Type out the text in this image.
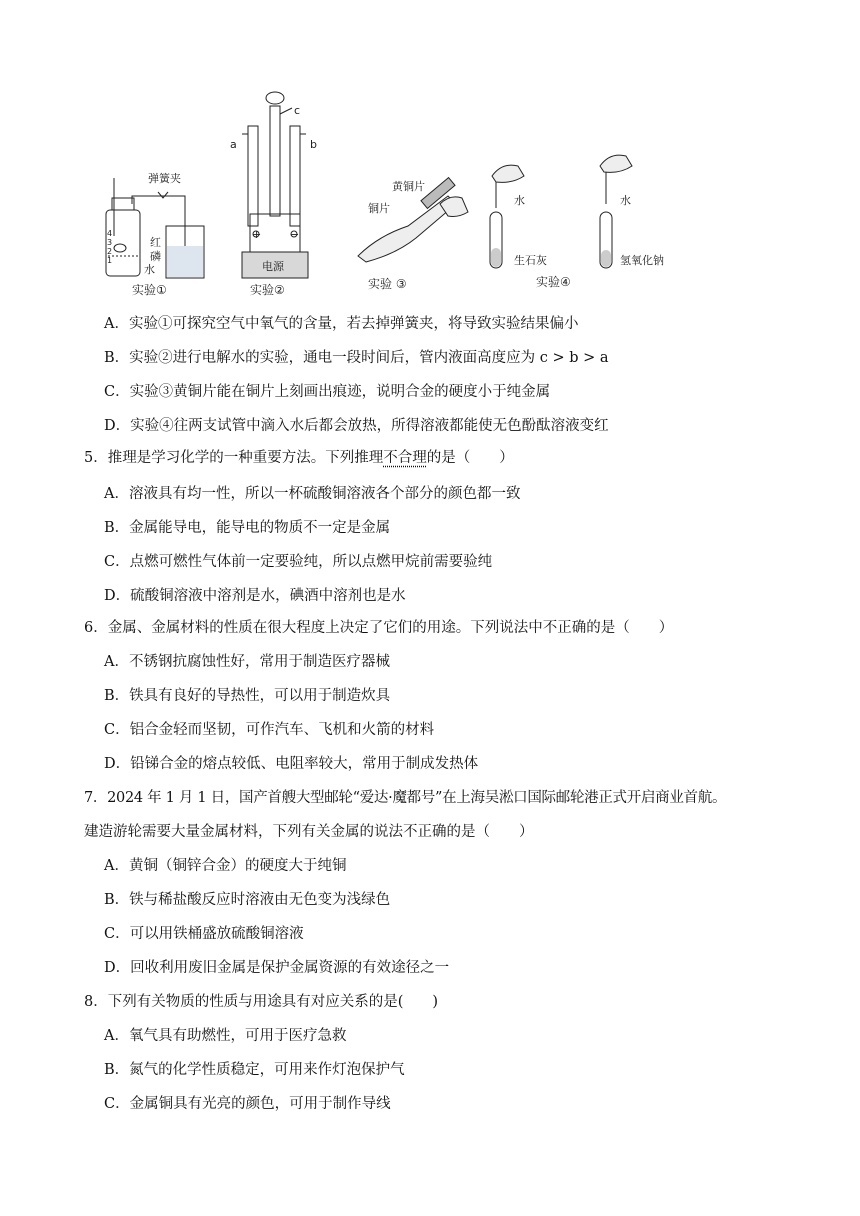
弹簧夹
红
磷
水
4
3
2
1
a	b
c
+	−
电源
黄铜片
铜片
水
生石灰
水
氢氧化钠
实验①	实验②	实验 ③	实验④
A．实验①可探究空气中氧气的含量，若去掉弹簧夹，将导致实验结果偏小
B．实验②进行电解水的实验，通电一段时间后，管内液面高度应为 c > b > a
C．实验③黄铜片能在铜片上刻画出痕迹，说明合金的硬度小于纯金属
D．实验④往两支试管中滴入水后都会放热，所得溶液都能使无色酚酞溶液变红
5．推理是学习化学的一种重要方法。下列推理不合理的是（　　）
A．溶液具有均一性，所以一杯硫酸铜溶液各个部分的颜色都一致
B．金属能导电，能导电的物质不一定是金属
C．点燃可燃性气体前一定要验纯，所以点燃甲烷前需要验纯
D．硫酸铜溶液中溶剂是水，碘酒中溶剂也是水
6．金属、金属材料的性质在很大程度上决定了它们的用途。下列说法中不正确的是（　　）
A．不锈钢抗腐蚀性好，常用于制造医疗器械
B．铁具有良好的导热性，可以用于制造炊具
C．铝合金轻而坚韧，可作汽车、飞机和火箭的材料
D．铅锑合金的熔点较低、电阻率较大，常用于制成发热体
7．2024 年 1 月 1 日，国产首艘大型邮轮“爱达·魔都号”在上海吴淞口国际邮轮港正式开启商业首航。
建造游轮需要大量金属材料，下列有关金属的说法不正确的是（　　）
A．黄铜（铜锌合金）的硬度大于纯铜
B．铁与稀盐酸反应时溶液由无色变为浅绿色
C．可以用铁桶盛放硫酸铜溶液
D．回收利用废旧金属是保护金属资源的有效途径之一
8．下列有关物质的性质与用途具有对应关系的是(　　)
A．氧气具有助燃性，可用于医疗急救
B．氮气的化学性质稳定，可用来作灯泡保护气
C．金属铜具有光亮的颜色，可用于制作导线
